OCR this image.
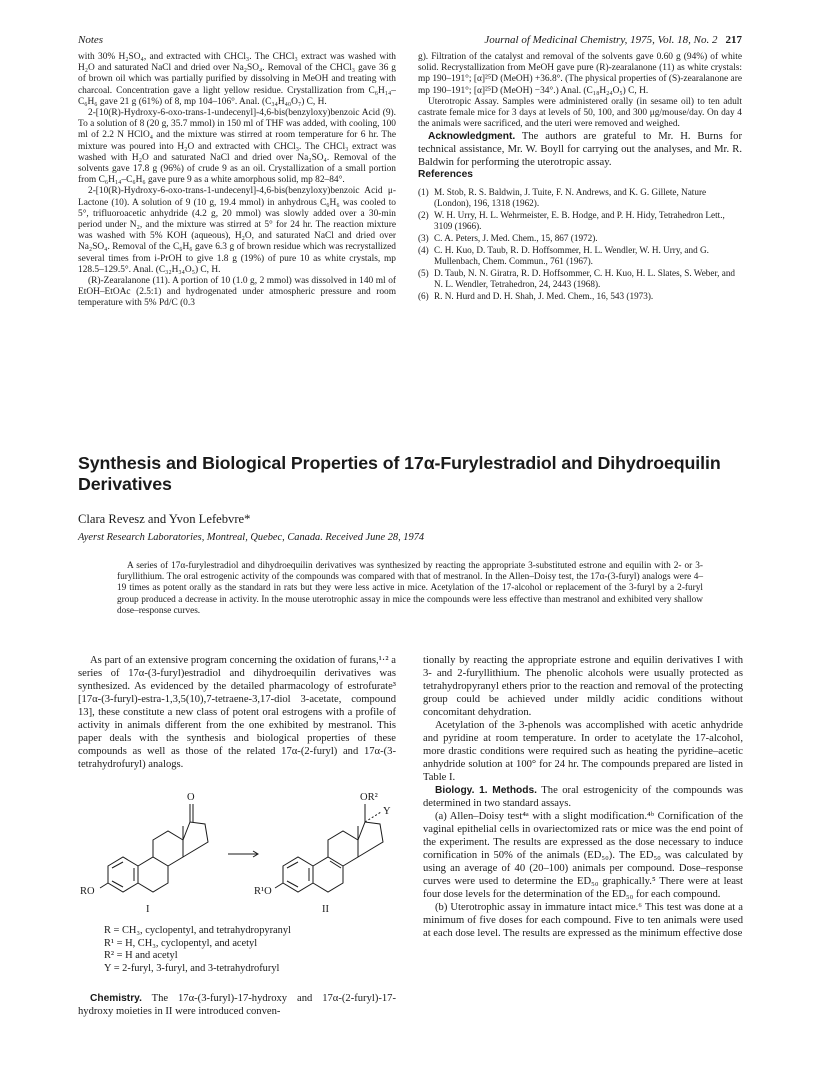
Notes	Journal of Medicinal Chemistry, 1975, Vol. 18, No. 2 217

with 30% H₂SO₄, and extracted with CHCl₃. The CHCl₃ extract was washed with H₂O and saturated NaCl and dried over Na₂SO₄. Removal of the CHCl₃ gave 36 g of brown oil which was partially purified by dissolving in MeOH and treating with charcoal. Concentration gave a light yellow residue. Crystallization from C₆H₁₄–C₆H₆ gave 21 g (61%) of 8, mp 104–106°. Anal. (C₃₄H₄₀O₇) C, H.

2-[10(R)-Hydroxy-6-oxo-trans-1-undecenyl]-4,6-bis(benzyloxy)benzoic Acid (9). To a solution of 8 (20 g, 35.7 mmol) in 150 ml of THF was added, with cooling, 100 ml of 2.2 N HClO₄ and the mixture was stirred at room temperature for 6 hr. The mixture was poured into H₂O and extracted with CHCl₃. The CHCl₃ extract was washed with H₂O and saturated NaCl and dried over Na₂SO₄. Removal of the solvents gave 17.8 g (96%) of crude 9 as an oil. Crystallization of a small portion from C₆H₁₄–C₆H₆ gave pure 9 as a white amorphous solid, mp 82–84°.

2-[10(R)-Hydroxy-6-oxo-trans-1-undecenyl]-4,6-bis(benzyloxy)benzoic Acid μ-Lactone (10). A solution of 9 (10 g, 19.4 mmol) in anhydrous C₆H₆ was cooled to 5°, trifluoroacetic anhydride (4.2 g, 20 mmol) was slowly added over a 30-min period under N₂, and the mixture was stirred at 5° for 24 hr. The reaction mixture was washed with 5% KOH (aqueous), H₂O, and saturated NaCl and dried over Na₂SO₄. Removal of the C₆H₆ gave 6.3 g of brown residue which was recrystallized several times from i-PrOH to give 1.8 g (19%) of pure 10 as white crystals, mp 128.5–129.5°. Anal. (C₃₂H₃₄O₅) C, H.

(R)-Zearalanone (11). A portion of 10 (1.0 g, 2 mmol) was dissolved in 140 ml of EtOH–EtOAc (2.5:1) and hydrogenated under atmospheric pressure and room temperature with 5% Pd/C (0.3

g). Filtration of the catalyst and removal of the solvents gave 0.60 g (94%) of white solid. Recrystallization from MeOH gave pure (R)-zearalanone (11) as white crystals: mp 190–191°; [α]²⁵D (MeOH) +36.8°. (The physical properties of (S)-zearalanone are mp 190–191°; [α]²⁵D (MeOH) −34°.) Anal. (C₁₈H₂₄O₅) C, H.

Uterotropic Assay. Samples were administered orally (in sesame oil) to ten adult castrate female mice for 3 days at levels of 50, 100, and 300 μg/mouse/day. On day 4 the animals were sacrificed, and the uteri were removed and weighed.

Acknowledgment. The authors are grateful to Mr. H. Burns for technical assistance, Mr. W. Boyll for carrying out the analyses, and Mr. R. Baldwin for performing the uterotropic assay.

References

(1) M. Stob, R. S. Baldwin, J. Tuite, F. N. Andrews, and K. G. Gillete, Nature (London), 196, 1318 (1962).
(2) W. H. Urry, H. L. Wehrmeister, E. B. Hodge, and P. H. Hidy, Tetrahedron Lett., 3109 (1966).
(3) C. A. Peters, J. Med. Chem., 15, 867 (1972).
(4) C. H. Kuo, D. Taub, R. D. Hoffsommer, H. L. Wendler, W. H. Urry, and G. Mullenbach, Chem. Commun., 761 (1967).
(5) D. Taub, N. N. Giratra, R. D. Hoffsommer, C. H. Kuo, H. L. Slates, S. Weber, and N. L. Wendler, Tetrahedron, 24, 2443 (1968).
(6) R. N. Hurd and D. H. Shah, J. Med. Chem., 16, 543 (1973).
Synthesis and Biological Properties of 17α-Furylestradiol and Dihydroequilin Derivatives
Clara Revesz and Yvon Lefebvre*
Ayerst Research Laboratories, Montreal, Quebec, Canada. Received June 28, 1974
A series of 17α-furylestradiol and dihydroequilin derivatives was synthesized by reacting the appropriate 3-substituted estrone and equilin with 2- or 3-furyllithium. The oral estrogenic activity of the compounds was compared with that of mestranol. In the Allen–Doisy test, the 17α-(3-furyl) analogs were 4–19 times as potent orally as the standard in rats but they were less active in mice. Acetylation of the 17-alcohol or replacement of the 3-furyl by a 2-furyl group produced a decrease in activity. In the mouse uterotrophic assay in mice the compounds were less effective than mestranol and exhibited very shallow dose–response curves.

As part of an extensive program concerning the oxidation of furans,¹·² a series of 17α-(3-furyl)estradiol and dihydroequilin derivatives was synthesized. As evidenced by the detailed pharmacology of estrofurate³ [17α-(3-furyl)-estra-1,3,5(10),7-tetraene-3,17-diol 3-acetate, compound 13], these constitute a new class of potent oral estrogens with a profile of activity in animals different from the one exhibited by mestranol. This paper deals with the synthesis and biological properties of these compounds as well as those of the related 17α-(2-furyl) and 17α-(3-tetrahydrofuryl) analogs.

O
RO
I
OR²
Y
R¹O
II
R = CH₃, cyclopentyl, and tetrahydropyranyl
R¹ = H, CH₃, cyclopentyl, and acetyl
R² = H and acetyl
Y = 2-furyl, 3-furyl, and 3-tetrahydrofuryl
Chemistry. The 17α-(3-furyl)-17-hydroxy and 17α-(2-furyl)-17-hydroxy moieties in II were introduced conven-

tionally by reacting the appropriate estrone and equilin derivatives I with 3- and 2-furyllithium. The phenolic alcohols were usually protected as tetrahydropyranyl ethers prior to the reaction and removal of the protecting group could be achieved under mildly acidic conditions without concomitant dehydration.

Acetylation of the 3-phenols was accomplished with acetic anhydride and pyridine at room temperature. In order to acetylate the 17-alcohol, more drastic conditions were required such as heating the pyridine–acetic anhydride solution at 100° for 24 hr. The compounds prepared are listed in Table I.

Biology. 1. Methods. The oral estrogenicity of the compounds was determined in two standard assays.

(a) Allen–Doisy test⁴ᵃ with a slight modification.⁴ᵇ Cornification of the vaginal epithelial cells in ovariectomized rats or mice was the end point of the experiment. The results are expressed as the dose necessary to induce cornification in 50% of the animals (ED₅₀). The ED₅₀ was calculated by using an average of 40 (20–100) animals per compound. Dose–response curves were used to determine the ED₅₀ graphically.⁵ There were at least four dose levels for the determination of the ED₅₀ for each compound.

(b) Uterotrophic assay in immature intact mice.⁶ This test was done at a minimum of five doses for each compound. Five to ten animals were used at each dose level. The results are expressed as the minimum effective dose
